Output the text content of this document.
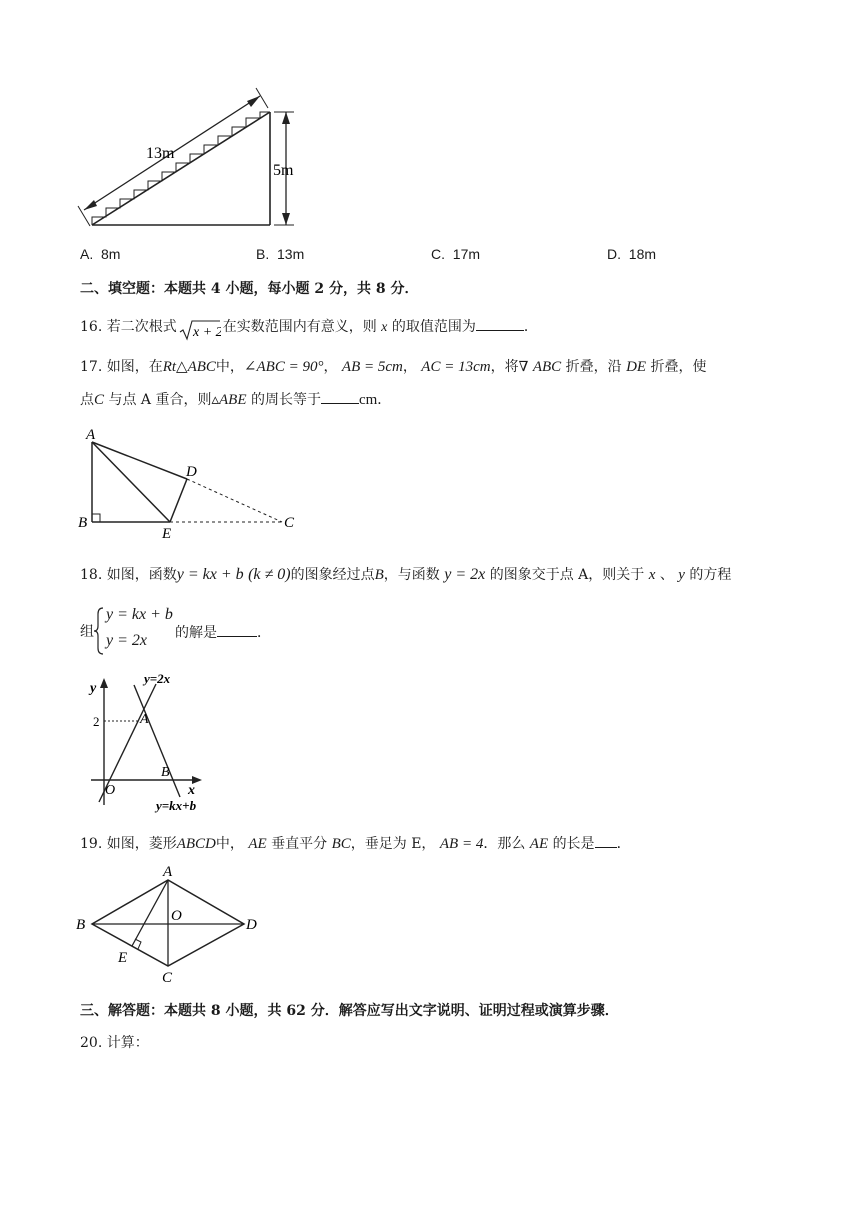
13m
5m
A. 8m	B. 13m	C. 17m	D. 18m
二、填空题：本题共 4 小题，每小题 2 分，共 8 分．
16. 若二次根式 x + 2 在实数范围内有意义，则 x 的取值范围为	．
17. 如图，在Rt△ABC中，∠ABC = 90°， AB = 5cm， AC = 13cm，将∇ ABC 折叠，沿 DE 折叠，使
点C 与点 A 重合，则▵ABE 的周长等于	cm．
A
B	C
D
E
18. 如图，函数y = kx + b (k ≠ 0)的图象经过点B，与函数 y = 2x 的图象交于点 A，则关于 x 、 y 的方程
组
y = kx + b
y = 2x 的解是	．
y
x
y=2x
y=kx+b
A
B
O
2
19. 如图，菱形ABCD中， AE 垂直平分 BC，垂足为 E， AB = 4．那么 AE 的长是 ．
A
B
C
D
E
O
三、解答题：本题共 8 小题，共 62 分．解答应写出文字说明、证明过程或演算步骤．
20. 计算：
